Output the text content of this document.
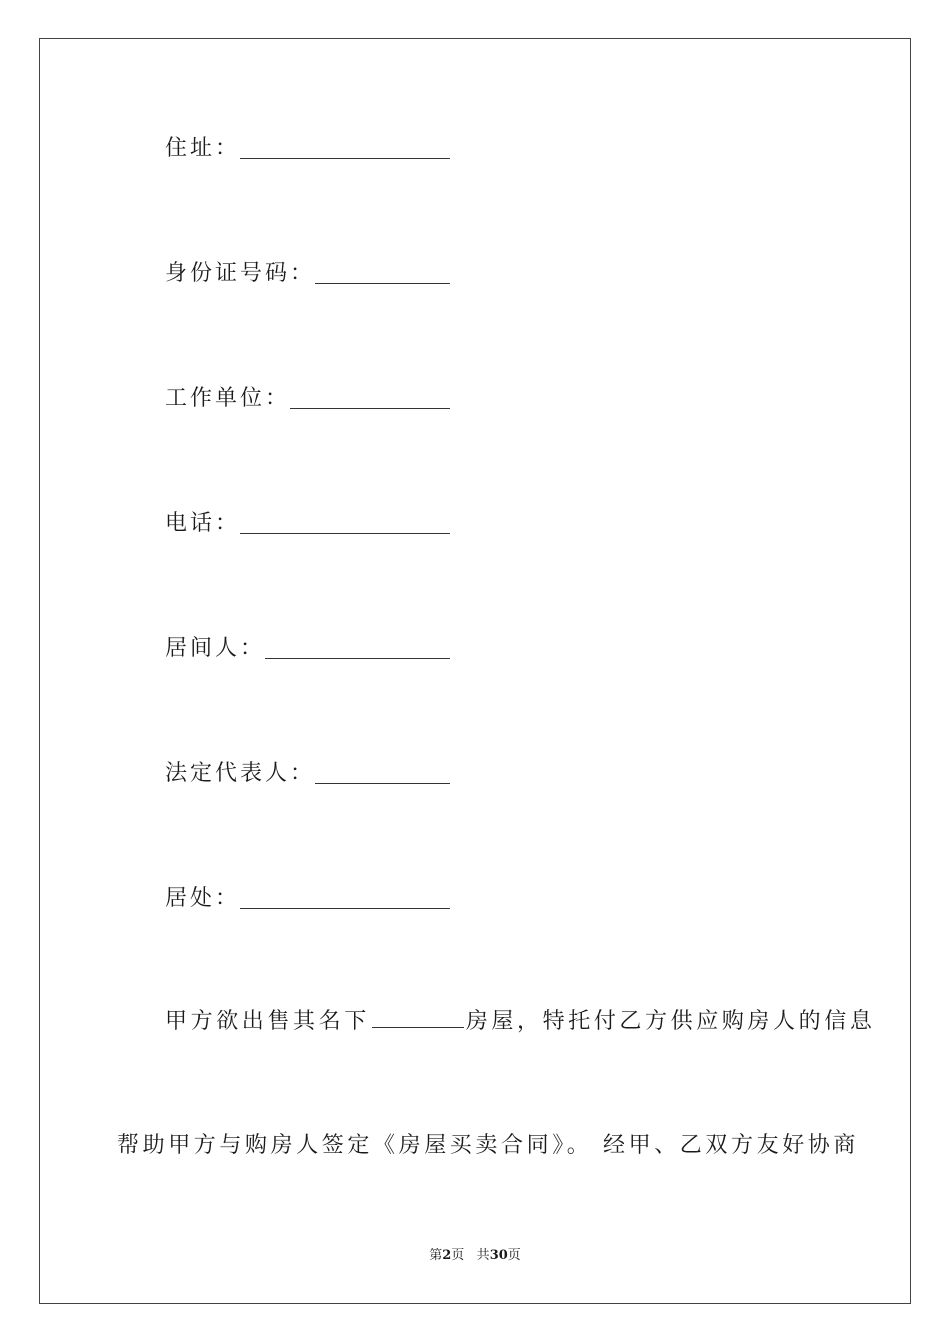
住址：
身份证号码：
工作单位：
电话：
居间人：
法定代表人：
居处：
甲方欲出售其名下	房屋，特托付乙方供应购房人的信息
帮助甲方与购房人签定《房屋买卖合同》。 经甲、乙双方友好协商
第2页 共30页
